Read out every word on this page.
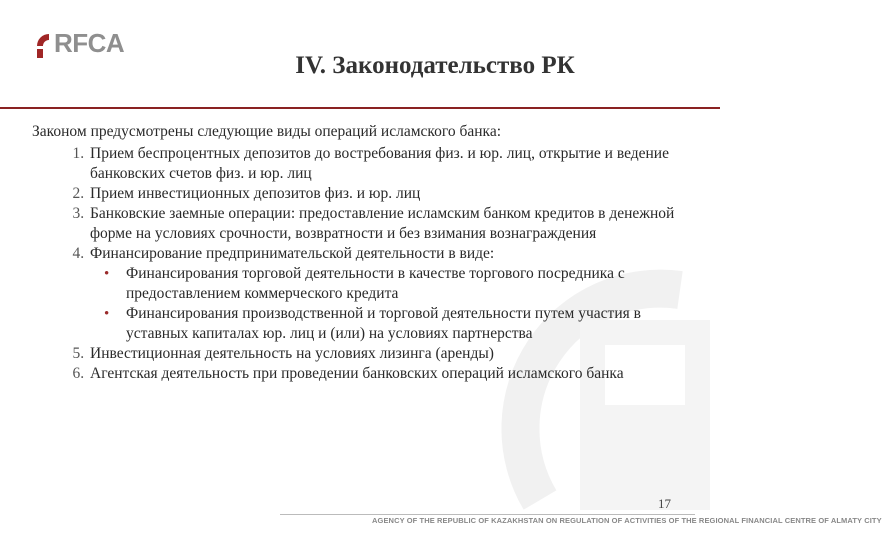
RFCA
IV. Законодательство РК

Законом предусмотрены следующие виды операций исламского банка:

1. Прием беспроцентных депозитов до востребования физ. и юр. лиц, открытие и ведение банковских счетов физ. и юр. лиц
2. Прием инвестиционных депозитов физ. и юр. лиц
3. Банковские заемные операции: предоставление исламским банком кредитов в денежной форме на условиях срочности, возвратности и без взимания вознаграждения
4. Финансирование предпринимательской деятельности в виде:
• Финансирования торговой деятельности в качестве торгового посредника с предоставлением коммерческого кредита
• Финансирования производственной и торговой деятельности путем участия в уставных капиталах юр. лиц и (или) на условиях партнерства
5. Инвестиционная деятельность на условиях лизинга (аренды)
6. Агентская деятельность при проведении банковских операций исламского банка
17
AGENCY OF THE REPUBLIC OF KAZAKHSTAN ON REGULATION OF ACTIVITIES OF THE REGIONAL FINANCIAL CENTRE OF ALMATY CITY
